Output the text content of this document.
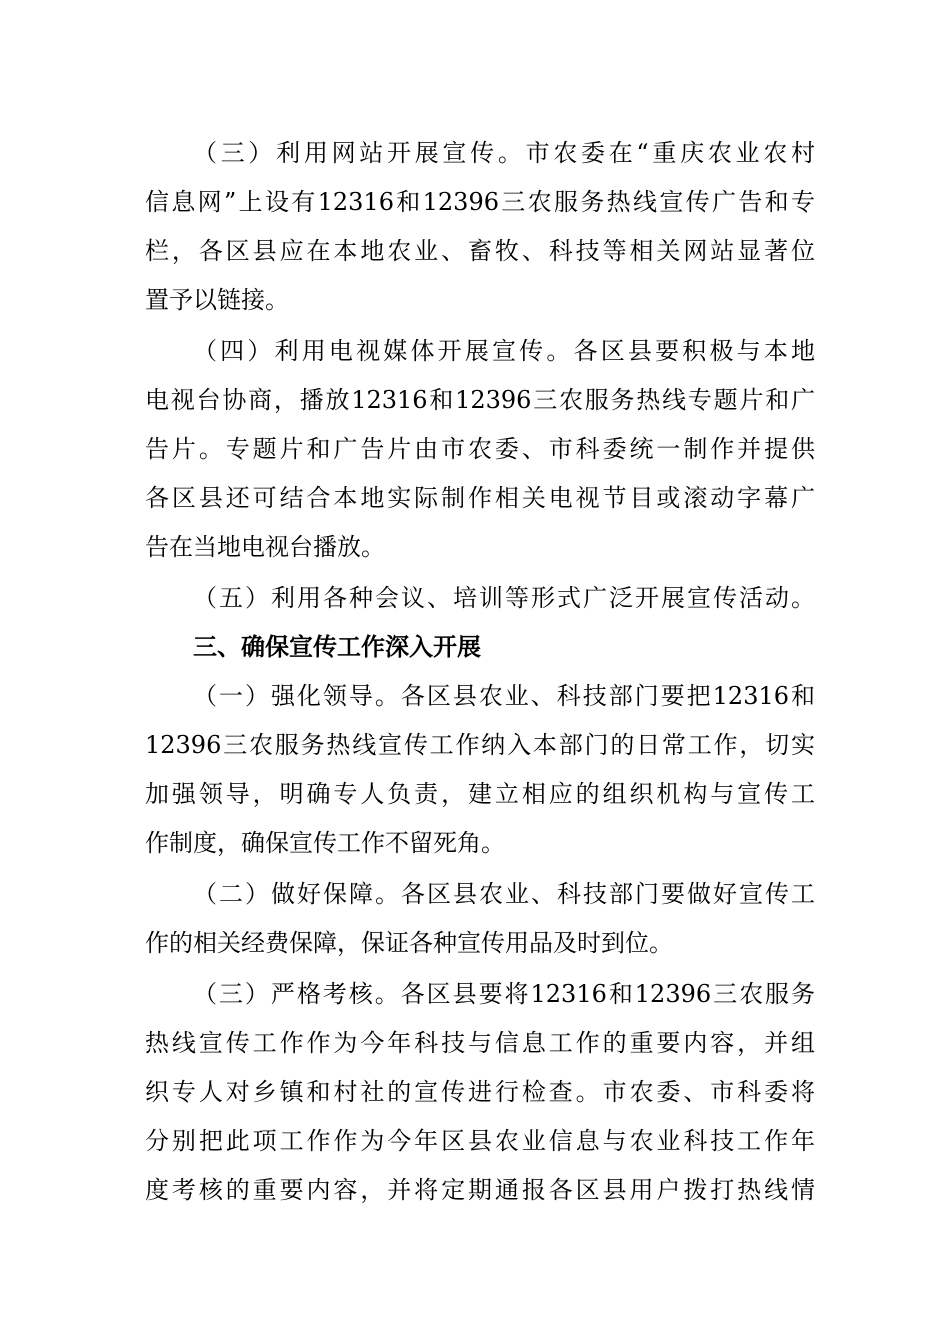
（三）利用网站开展宣传。市农委在“重庆农业农村
信息网”上设有12316和12396三农服务热线宣传广告和专
栏，各区县应在本地农业、畜牧、科技等相关网站显著位
置予以链接。
（四）利用电视媒体开展宣传。各区县要积极与本地
电视台协商，播放12316和12396三农服务热线专题片和广
告片。专题片和广告片由市农委、市科委统一制作并提供
各区县还可结合本地实际制作相关电视节目或滚动字幕广
告在当地电视台播放。
（五）利用各种会议、培训等形式广泛开展宣传活动。
三、确保宣传工作深入开展
（一）强化领导。各区县农业、科技部门要把12316和
12396三农服务热线宣传工作纳入本部门的日常工作，切实
加强领导，明确专人负责，建立相应的组织机构与宣传工
作制度，确保宣传工作不留死角。
（二）做好保障。各区县农业、科技部门要做好宣传工
作的相关经费保障，保证各种宣传用品及时到位。
（三）严格考核。各区县要将12316和12396三农服务
热线宣传工作作为今年科技与信息工作的重要内容，并组
织专人对乡镇和村社的宣传进行检查。市农委、市科委将
分别把此项工作作为今年区县农业信息与农业科技工作年
度考核的重要内容，并将定期通报各区县用户拨打热线情
